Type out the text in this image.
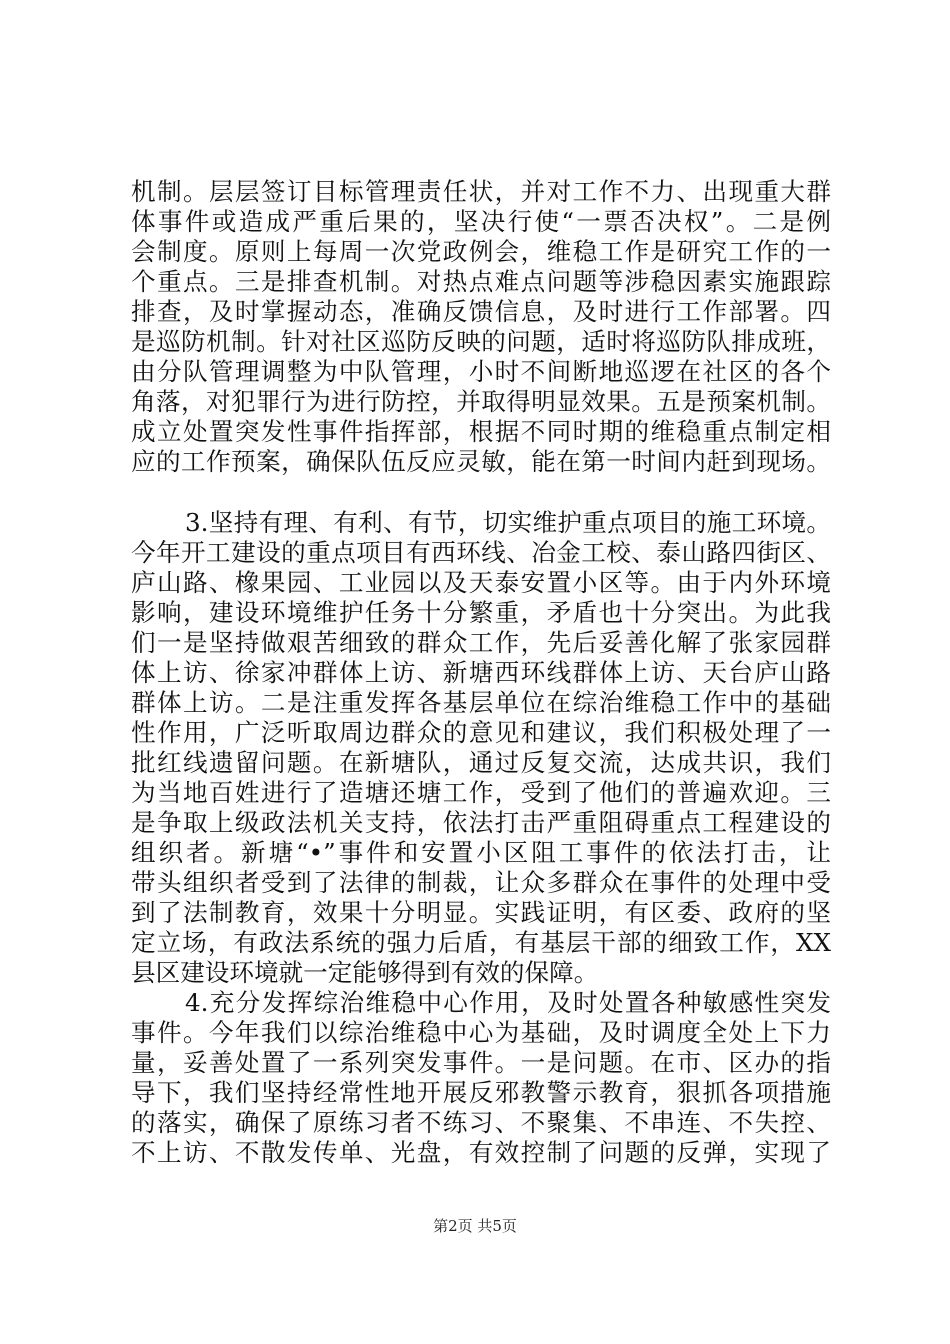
机制。层层签订目标管理责任状，并对工作不力、出现重大群
体事件或造成严重后果的，坚决行使“一票否决权”。二是例
会制度。原则上每周一次党政例会，维稳工作是研究工作的一
个重点。三是排查机制。对热点难点问题等涉稳因素实施跟踪
排查，及时掌握动态，准确反馈信息，及时进行工作部署。四
是巡防机制。针对社区巡防反映的问题，适时将巡防队排成班，
由分队管理调整为中队管理，小时不间断地巡逻在社区的各个
角落，对犯罪行为进行防控，并取得明显效果。五是预案机制。
成立处置突发性事件指挥部，根据不同时期的维稳重点制定相
应的工作预案，确保队伍反应灵敏，能在第一时间内赶到现场。
3.坚持有理、有利、有节，切实维护重点项目的施工环境。
今年开工建设的重点项目有西环线、冶金工校、泰山路四街区、
庐山路、橡果园、工业园以及天泰安置小区等。由于内外环境
影响，建设环境维护任务十分繁重，矛盾也十分突出。为此我
们一是坚持做艰苦细致的群众工作，先后妥善化解了张家园群
体上访、徐家冲群体上访、新塘西环线群体上访、天台庐山路
群体上访。二是注重发挥各基层单位在综治维稳工作中的基础
性作用，广泛听取周边群众的意见和建议，我们积极处理了一
批红线遗留问题。在新塘队，通过反复交流，达成共识，我们
为当地百姓进行了造塘还塘工作，受到了他们的普遍欢迎。三
是争取上级政法机关支持，依法打击严重阻碍重点工程建设的
组织者。新塘“•”事件和安置小区阻工事件的依法打击，让
带头组织者受到了法律的制裁，让众多群众在事件的处理中受
到了法制教育，效果十分明显。实践证明，有区委、政府的坚
定立场，有政法系统的强力后盾，有基层干部的细致工作，XX
县区建设环境就一定能够得到有效的保障。
4.充分发挥综治维稳中心作用，及时处置各种敏感性突发
事件。今年我们以综治维稳中心为基础，及时调度全处上下力
量，妥善处置了一系列突发事件。一是问题。在市、区办的指
导下，我们坚持经常性地开展反邪教警示教育，狠抓各项措施
的落实，确保了原练习者不练习、不聚集、不串连、不失控、
不上访、不散发传单、光盘，有效控制了问题的反弹，实现了
第2页 共5页
